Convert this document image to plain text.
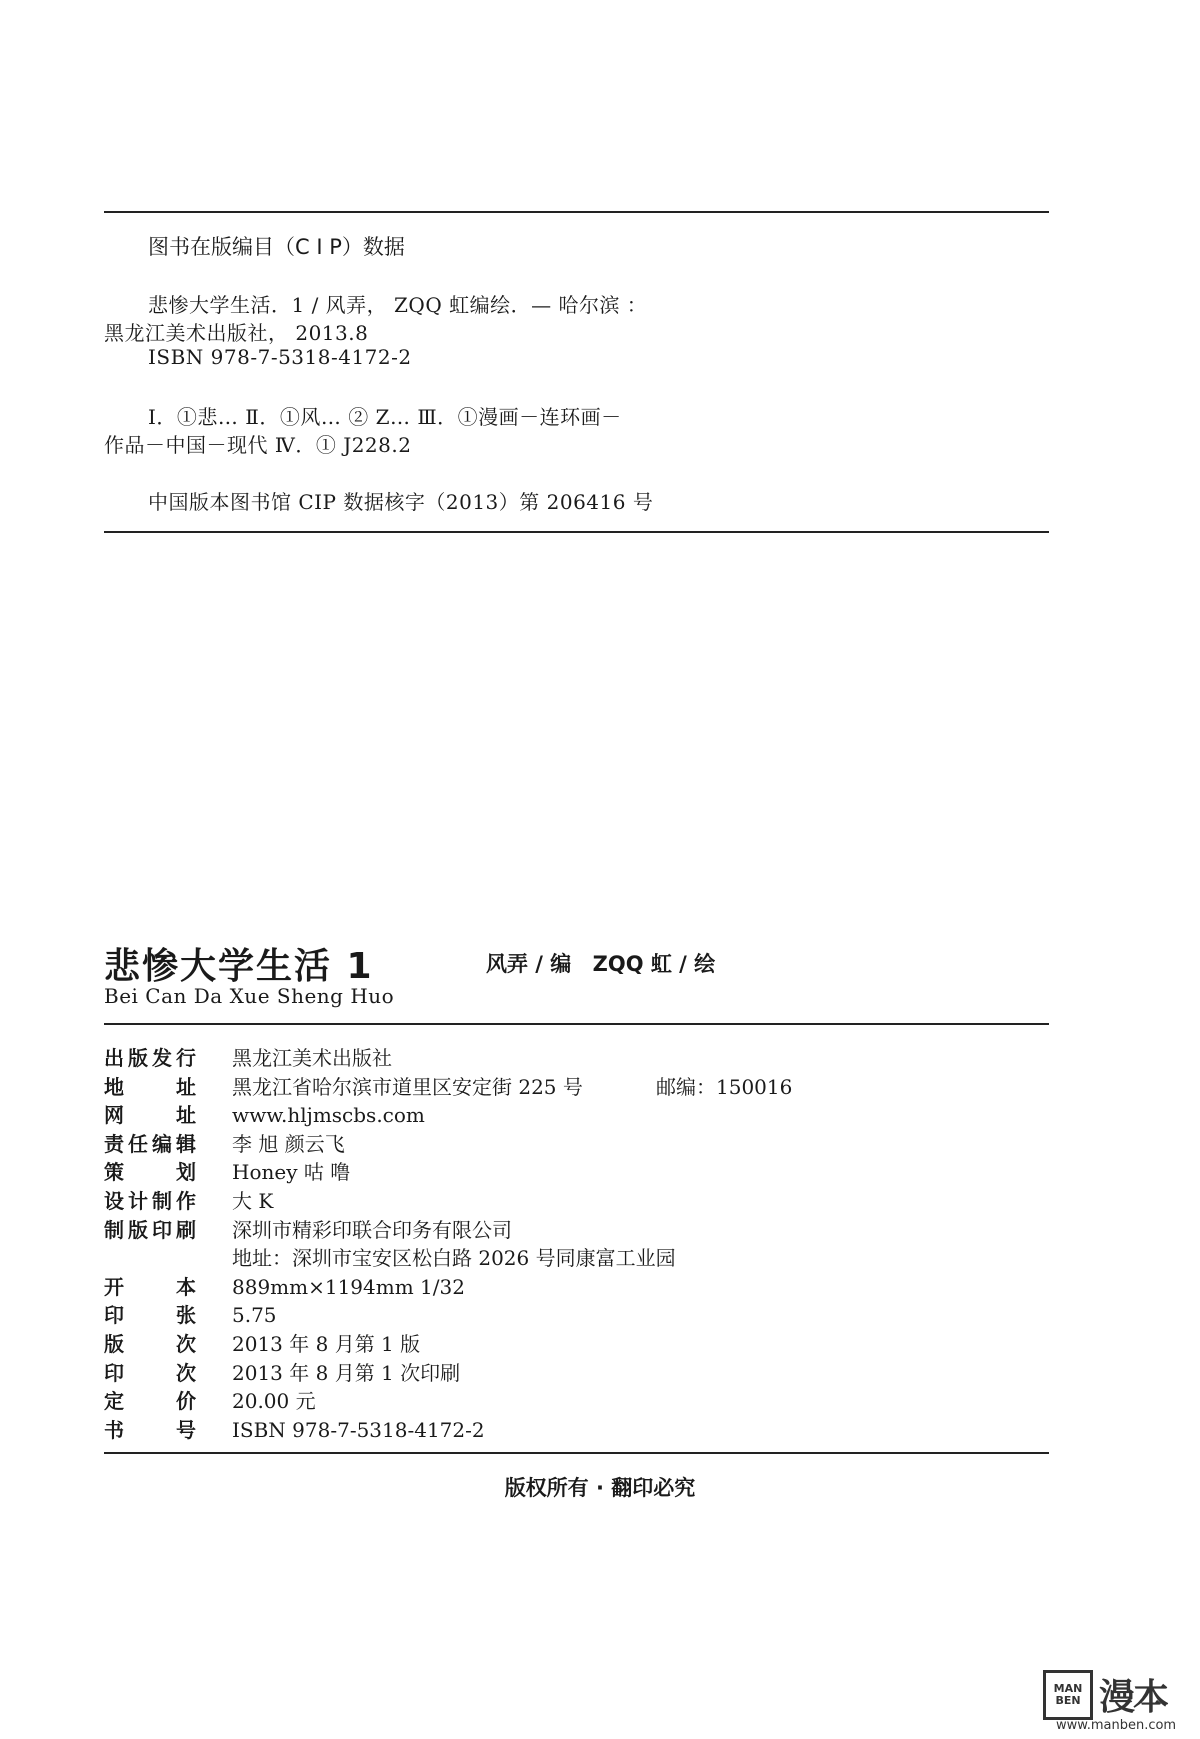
图书在版编目（C I P）数据
悲惨大学生活．1 / 风弄， ZQQ 虹编绘．— 哈尔滨 ：
黑龙江美术出版社， 2013.8
ISBN 978-7-5318-4172-2
Ⅰ．①悲… Ⅱ．①风… ② Z… Ⅲ．①漫画－连环画－
作品－中国－现代 Ⅳ．① J228.2
中国版本图书馆 CIP 数据核字（2013）第 206416 号
悲惨大学生活 1	风弄 / 编 ZQQ 虹 / 绘
Bei Can Da Xue Sheng Huo
出版发行 黑龙江美术出版社
地址 黑龙江省哈尔滨市道里区安定街 225 号	邮编：150016
网址 www.hljmscbs.com
责任编辑 李 旭 颜云飞
策划 Honey 咕 噜
设计制作 大 K
制版印刷 深圳市精彩印联合印务有限公司
地址：深圳市宝安区松白路 2026 号同康富工业园
开本 889mm×1194mm 1/32
印张 5.75
版次 2013 年 8 月第 1 版
印次 2013 年 8 月第 1 次印刷
定价 20.00 元
书号 ISBN 978-7-5318-4172-2
版权所有 · 翻印必究
MAN
BEN 漫本
www.manben.com
